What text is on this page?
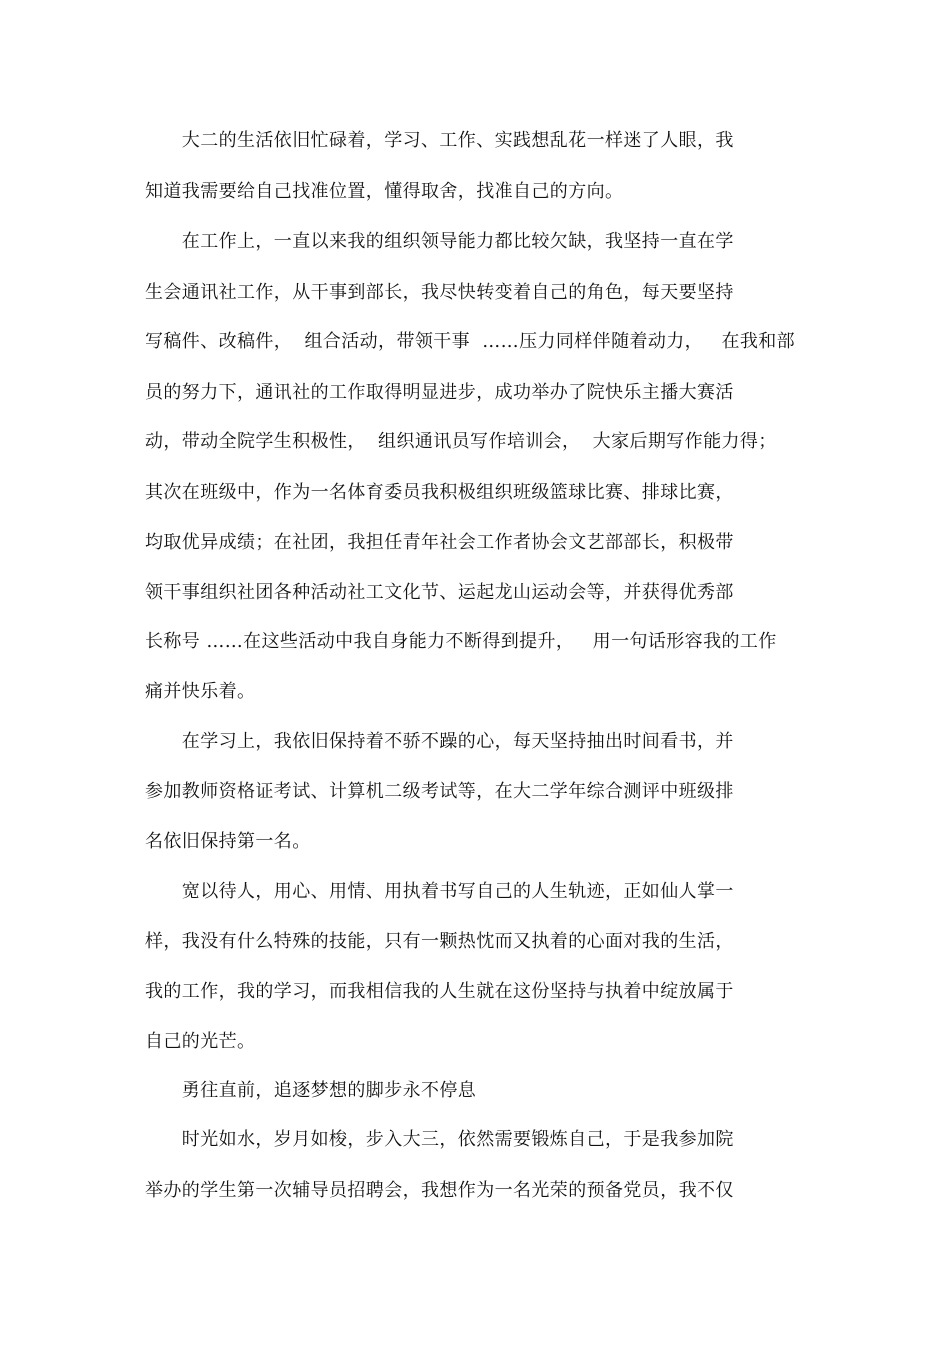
　　大二的生活依旧忙碌着，学习、工作、实践想乱花一样迷了人眼，我
知道我需要给自己找准位置，懂得取舍，找准自己的方向。
　　在工作上，一直以来我的组织领导能力都比较欠缺，我坚持一直在学
生会通讯社工作，从干事到部长，我尽快转变着自己的角色，每天要坚持
写稿件、改稿件，  组合活动，带领干事  ……压力同样伴随着动力，   在我和部
员的努力下，通讯社的工作取得明显进步，成功举办了院快乐主播大赛活
动，带动全院学生积极性，  组织通讯员写作培训会，  大家后期写作能力得；
其次在班级中，作为一名体育委员我积极组织班级篮球比赛、排球比赛，
均取优异成绩；在社团，我担任青年社会工作者协会文艺部部长，积极带
领干事组织社团各种活动社工文化节、运起龙山运动会等，并获得优秀部
长称号 ……在这些活动中我自身能力不断得到提升，   用一句话形容我的工作
痛并快乐着。
　　在学习上，我依旧保持着不骄不躁的心，每天坚持抽出时间看书，并
参加教师资格证考试、计算机二级考试等，在大二学年综合测评中班级排
名依旧保持第一名。
　　宽以待人，用心、用情、用执着书写自己的人生轨迹，正如仙人掌一
样，我没有什么特殊的技能，只有一颗热忱而又执着的心面对我的生活，
我的工作，我的学习，而我相信我的人生就在这份坚持与执着中绽放属于
自己的光芒。
　　勇往直前，追逐梦想的脚步永不停息
　　时光如水，岁月如梭，步入大三，依然需要锻炼自己，于是我参加院
举办的学生第一次辅导员招聘会，我想作为一名光荣的预备党员，我不仅
